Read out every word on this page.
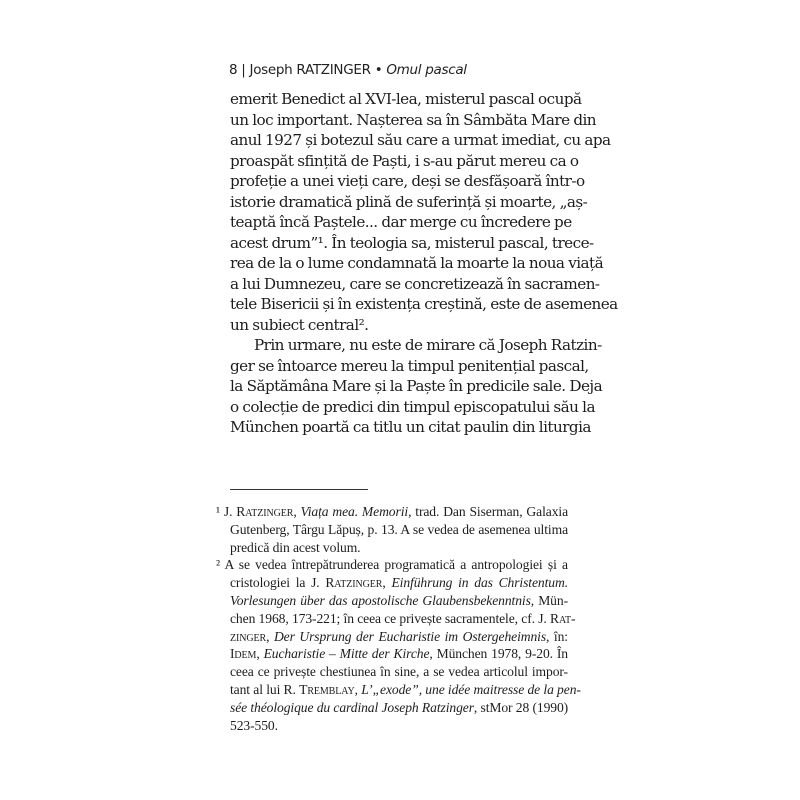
8 | Joseph RATZINGER • Omul pascal
emerit Benedict al XVI-lea, misterul pascal ocupă
un loc important. Nașterea sa în Sâmbăta Mare din
anul 1927 și botezul său care a urmat imediat, cu apa
proaspăt sfințită de Paști, i s-au părut mereu ca o
profeție a unei vieți care, deși se desfășoară într-o
istorie dramatică plină de suferință și moarte, „aș-
teaptă încă Paștele... dar merge cu încredere pe
acest drum”¹. În teologia sa, misterul pascal, trece-
rea de la o lume condamnată la moarte la noua viață
a lui Dumnezeu, care se concretizează în sacramen-
tele Bisericii și în existența creștină, este de asemenea
un subiect central².
Prin urmare, nu este de mirare că Joseph Ratzin-
ger se întoarce mereu la timpul penitențial pascal,
la Săptămâna Mare și la Paște în predicile sale. Deja
o colecție de predici din timpul episcopatului său la
München poartă ca titlu un citat paulin din liturgia
¹ J. Ratzinger, Viața mea. Memorii, trad. Dan Siserman, Galaxia
Gutenberg, Târgu Lăpuș, p. 13. A se vedea de asemenea ultima
predică din acest volum.
² A se vedea întrepătrunderea programatică a antropologiei și a
cristologiei la J. Ratzinger, Einführung in das Christentum.
Vorlesungen über das apostolische Glaubensbekenntnis, Mün-
chen 1968, 173-221; în ceea ce privește sacramentele, cf. J. Rat-
zinger, Der Ursprung der Eucharistie im Ostergeheimnis, în:
Idem, Eucharistie – Mitte der Kirche, München 1978, 9-20. În
ceea ce privește chestiunea în sine, a se vedea articolul impor-
tant al lui R. Tremblay, L’„exode”, une idée maitresse de la pen-
sée théologique du cardinal Joseph Ratzinger, stMor 28 (1990)
523-550.
